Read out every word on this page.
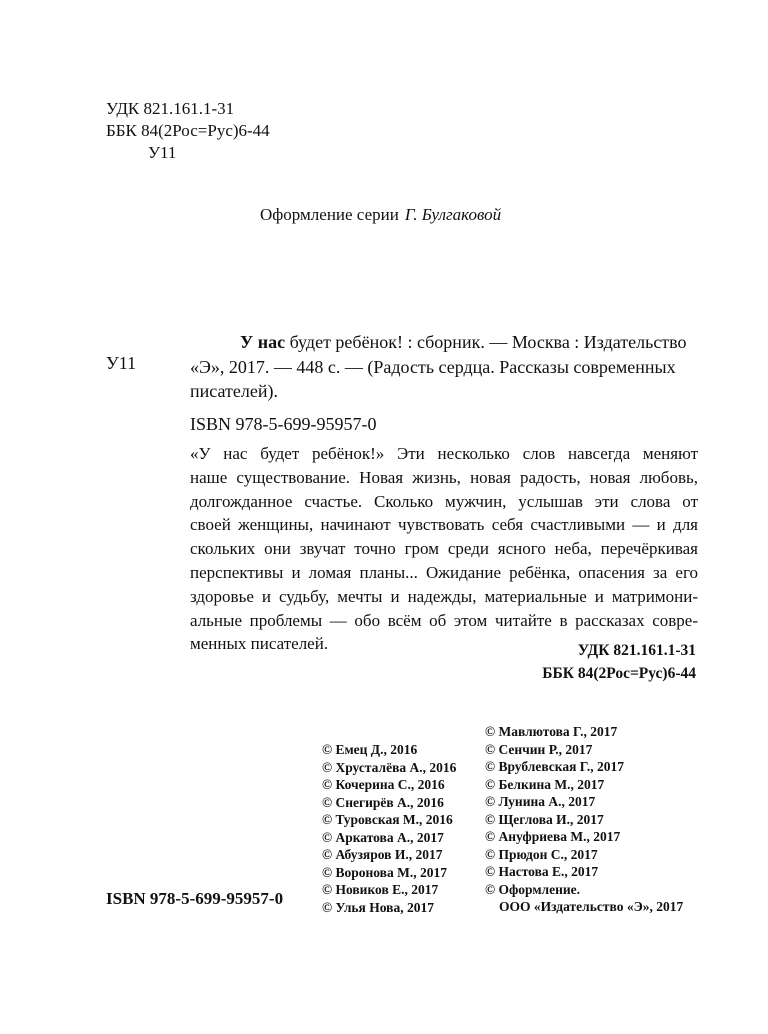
УДК 821.161.1-31
ББК 84(2Рос=Рус)6-44
У11
Оформление серии Г. Булгаковой
У11
У нас будет ребёнок! : сборник. — Москва : Издательство
«Э», 2017. — 448 с. — (Радость сердца. Рассказы современных
писателей).
ISBN 978-5-699-95957-0
«У нас будет ребёнок!» Эти несколько слов навсегда меняют
наше существование. Новая жизнь, новая радость, новая любовь,
долгожданное счастье. Сколько мужчин, услышав эти слова от
своей женщины, начинают чувствовать себя счастливыми — и для
скольких они звучат точно гром среди ясного неба, перечёркивая
перспективы и ломая планы... Ожидание ребёнка, опасения за его
здоровье и судьбу, мечты и надежды, материальные и матримони-
альные проблемы — обо всём об этом читайте в рассказах совре-
менных писателей.	УДК 821.161.1-31
ББК 84(2Рос=Рус)6-44
© Емец Д., 2016
© Хрусталёва А., 2016
© Кочерина С., 2016
© Снегирёв А., 2016
© Туровская М., 2016
© Аркатова А., 2017
© Абузяров И., 2017
© Воронова М., 2017
© Новиков Е., 2017
© Улья Нова, 2017
© Мавлютова Г., 2017
© Сенчин Р., 2017
© Врублевская Г., 2017
© Белкина М., 2017
© Лунина А., 2017
© Щеглова И., 2017
© Ануфриева М., 2017
© Прюдон С., 2017
© Настова Е., 2017
© Оформление.
ООО «Издательство «Э», 2017
ISBN 978-5-699-95957-0
